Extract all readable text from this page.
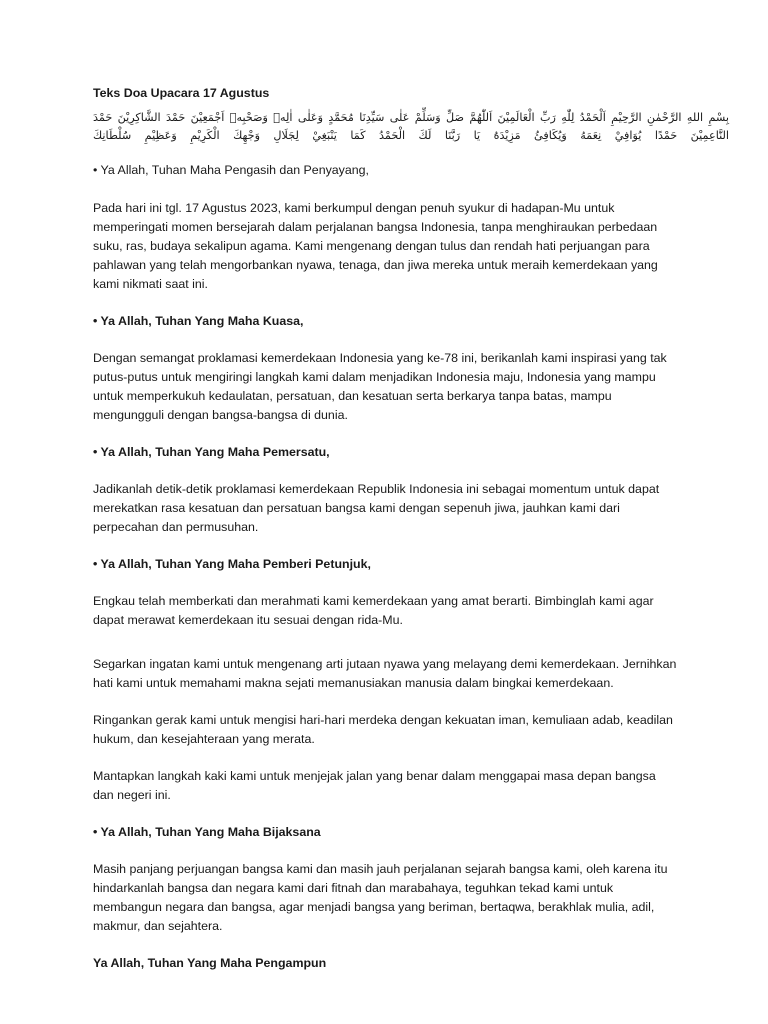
Teks Doa Upacara 17 Agustus

بِسْمِ اللهِ الرَّحْمٰنِ الرَّحِيْمِ اَلْحَمْدُ لِلّٰهِ رَبِّ الْعَالَمِيْنَ اَللّٰهُمَّ صَلِّ وَسَلِّمْ عَلٰى سَيِّدِنَا مُحَمَّدٍ وَعَلٰى اٰلِهٖ وَصَحْبِهٖ اَجْمَعِيْنَ حَمْدَ الشَّاكِرِيْنَ حَمْدَ النَّاعِمِيْنَ حَمْدًا يُوَافِيْ نِعَمَهُ وَيُكَافِئُ مَزِيْدَهُ يَا رَبَّنَا لَكَ الْحَمْدُ كَمَا يَنْبَغِيْ لِجَلَالِ وَجْهِكَ الْكَرِيْمِ وَعَظِيْمِ سُلْطَانِكَ

• Ya Allah, Tuhan Maha Pengasih dan Penyayang,

Pada hari ini tgl. 17 Agustus 2023, kami berkumpul dengan penuh syukur di hadapan-Mu untuk memperingati momen bersejarah dalam perjalanan bangsa Indonesia, tanpa menghiraukan perbedaan suku, ras, budaya sekalipun agama. Kami mengenang dengan tulus dan rendah hati perjuangan para pahlawan yang telah mengorbankan nyawa, tenaga, dan jiwa mereka untuk meraih kemerdekaan yang kami nikmati saat ini.

• Ya Allah, Tuhan Yang Maha Kuasa,

Dengan semangat proklamasi kemerdekaan Indonesia yang ke-78 ini, berikanlah kami inspirasi yang tak putus-putus untuk mengiringi langkah kami dalam menjadikan Indonesia maju, Indonesia yang mampu untuk memperkukuh kedaulatan, persatuan, dan kesatuan serta berkarya tanpa batas, mampu mengungguli dengan bangsa-bangsa di dunia.

• Ya Allah, Tuhan Yang Maha Pemersatu,

Jadikanlah detik-detik proklamasi kemerdekaan Republik Indonesia ini sebagai momentum untuk dapat merekatkan rasa kesatuan dan persatuan bangsa kami dengan sepenuh jiwa, jauhkan kami dari perpecahan dan permusuhan.

• Ya Allah, Tuhan Yang Maha Pemberi Petunjuk,

Engkau telah memberkati dan merahmati kami kemerdekaan yang amat berarti. Bimbinglah kami agar dapat merawat kemerdekaan itu sesuai dengan rida-Mu.

Segarkan ingatan kami untuk mengenang arti jutaan nyawa yang melayang demi kemerdekaan. Jernihkan hati kami untuk memahami makna sejati memanusiakan manusia dalam bingkai kemerdekaan.

Ringankan gerak kami untuk mengisi hari-hari merdeka dengan kekuatan iman, kemuliaan adab, keadilan hukum, dan kesejahteraan yang merata.

Mantapkan langkah kaki kami untuk menjejak jalan yang benar dalam menggapai masa depan bangsa dan negeri ini.

• Ya Allah, Tuhan Yang Maha Bijaksana

Masih panjang perjuangan bangsa kami dan masih jauh perjalanan sejarah bangsa kami, oleh karena itu hindarkanlah bangsa dan negara kami dari fitnah dan marabahaya, teguhkan tekad kami untuk membangun negara dan bangsa, agar menjadi bangsa yang beriman, bertaqwa, berakhlak mulia, adil, makmur, dan sejahtera.

Ya Allah, Tuhan Yang Maha Pengampun
